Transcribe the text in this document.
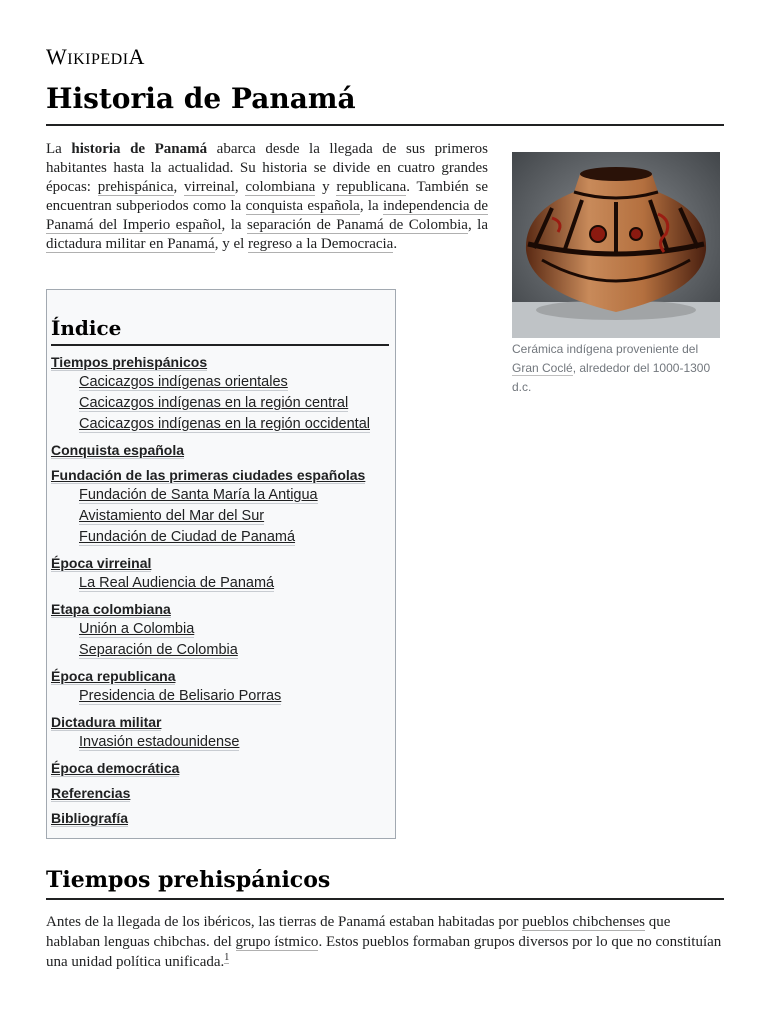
WIKIPEDIA
Historia de Panamá

La historia de Panamá abarca desde la llegada de sus primeros habitantes hasta la actualidad. Su historia se divide en cuatro grandes épocas: prehispánica, virreinal, colombiana y republicana. También se encuentran subperiodos como la conquista española, la independencia de Panamá del Imperio español, la separación de Panamá de Colombia, la dictadura militar en Panamá, y el regreso a la Democracia.

Cerámica indígena proveniente del Gran Coclé, alrededor del 1000-1300 d.c.
Índice
Tiempos prehispánicos
Cacicazgos indígenas orientales
Cacicazgos indígenas en la región central
Cacicazgos indígenas en la región occidental
Conquista española
Fundación de las primeras ciudades españolas
Fundación de Santa María la Antigua
Avistamiento del Mar del Sur
Fundación de Ciudad de Panamá
Época virreinal
La Real Audiencia de Panamá
Etapa colombiana
Unión a Colombia
Separación de Colombia
Época republicana
Presidencia de Belisario Porras
Dictadura militar
Invasión estadounidense
Época democrática
Referencias
Bibliografía
Tiempos prehispánicos

Antes de la llegada de los ibéricos, las tierras de Panamá estaban habitadas por pueblos chibchenses que hablaban lenguas chibchas. del grupo ístmico. Estos pueblos formaban grupos diversos por lo que no constituían una unidad política unificada.$^1$
